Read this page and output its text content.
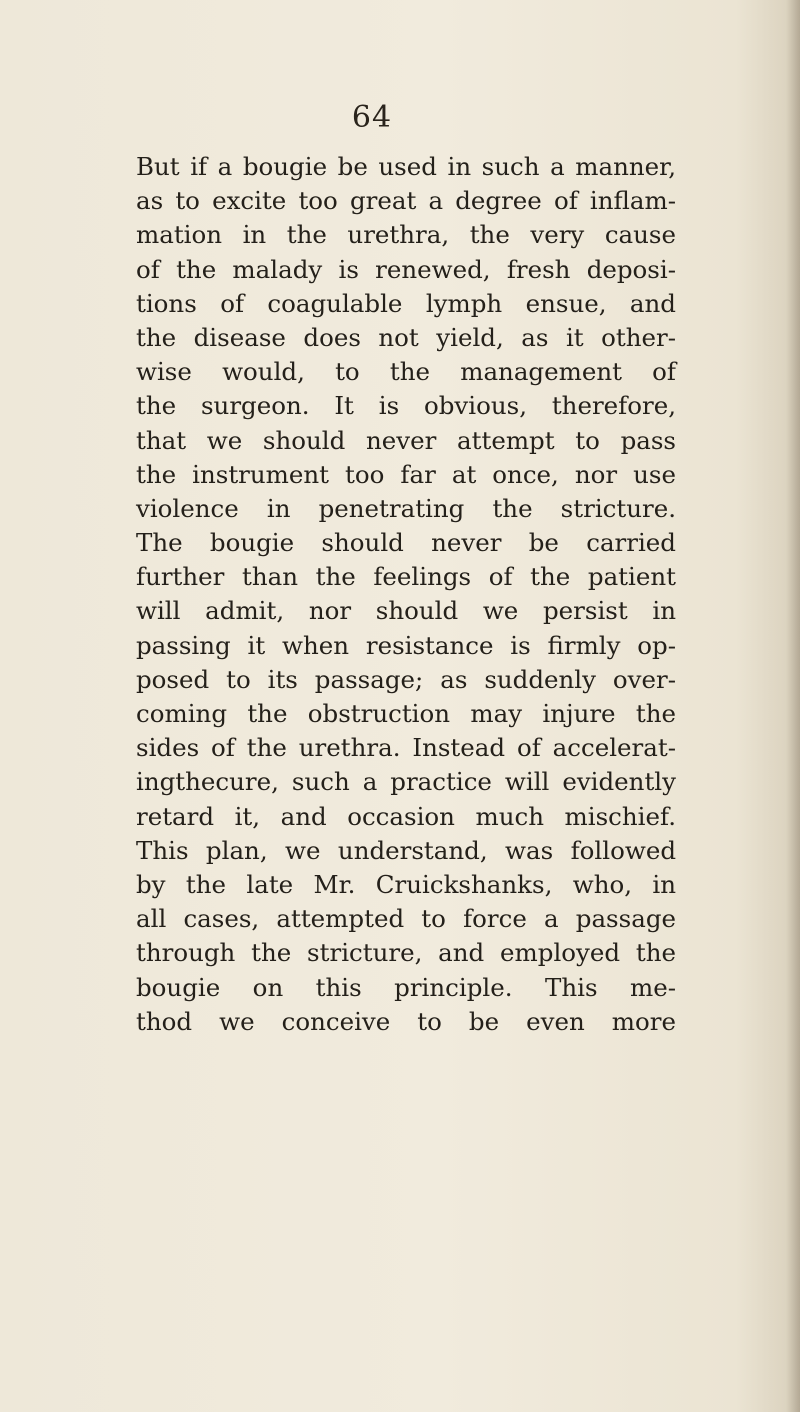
64
But if a bougie be used in such a manner,
as to excite too great a degree of inflam-
mation in the urethra, the very cause
of the malady is renewed, fresh deposi-
tions of coagulable lymph ensue, and
the disease does not yield, as it other-
wise would, to the management of
the surgeon. It is obvious, therefore,
that we should never attempt to pass
the instrument too far at once, nor use
violence in penetrating the stricture.
The bougie should never be carried
further than the feelings of the patient
will admit, nor should we persist in
passing it when resistance is firmly op-
posed to its passage; as suddenly over-
coming the obstruction may injure the
sides of the urethra. Instead of accelerat-
ingthecure, such a practice will evidently
retard it, and occasion much mischief.
This plan, we understand, was followed
by the late Mr. Cruickshanks, who, in
all cases, attempted to force a passage
through the stricture, and employed the
bougie on this principle. This me-
thod we conceive to be even more
